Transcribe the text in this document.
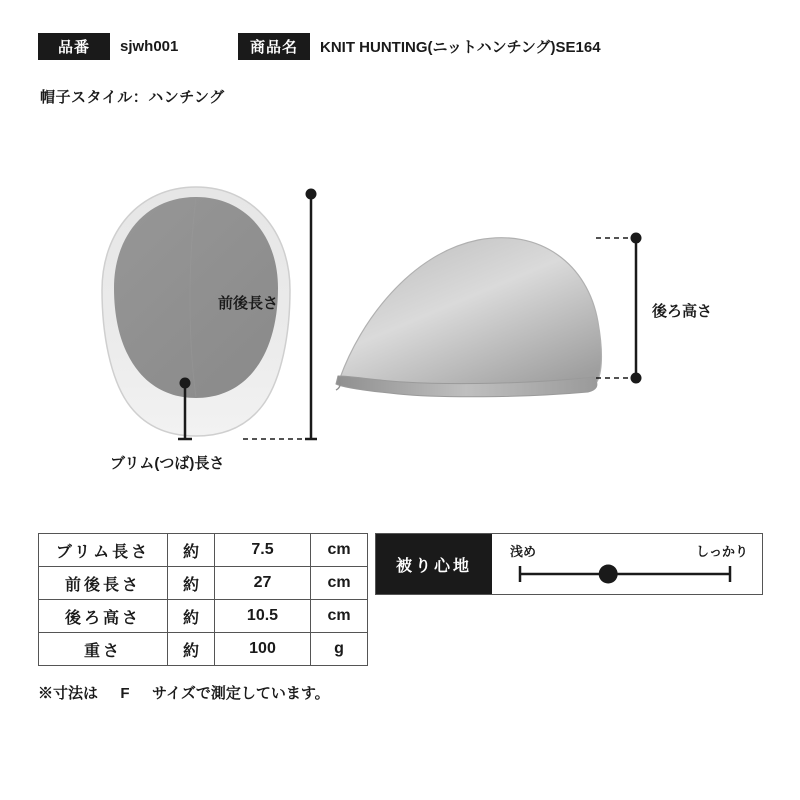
品番	sjwh001	商品名	KNIT HUNTING(ニットハンチング)SE164
帽子スタイル：ハンチング
前後長さ
ブリム(つば)長さ
後ろ高さ
ブリム長さ	約	7.5	cm
前後長さ	約	27	cm
後ろ高さ	約	10.5	cm
重さ	約	100	g
※寸法は F サイズで測定しています。
被り心地
浅め	しっかり
